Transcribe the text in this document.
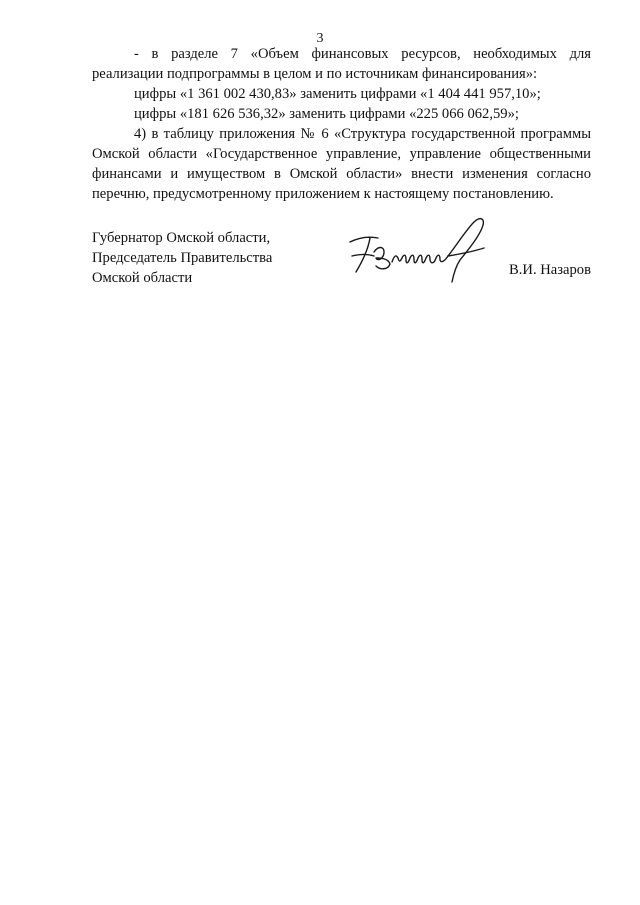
3

- в разделе 7 «Объем финансовых ресурсов, необходимых для реализации подпрограммы в целом и по источникам финансирования»:

цифры «1 361 002 430,83» заменить цифрами «1 404 441 957,10»;

цифры «181 626 536,32» заменить цифрами «225 066 062,59»;

4) в таблицу приложения № 6 «Структура государственной программы Омской области «Государственное управление, управление общественными финансами и имуществом в Омской области» внести изменения согласно перечню, предусмотренному приложением к настоящему постановлению.

Губернатор Омской области,
Председатель Правительства
Омской области	В.И. Назаров
